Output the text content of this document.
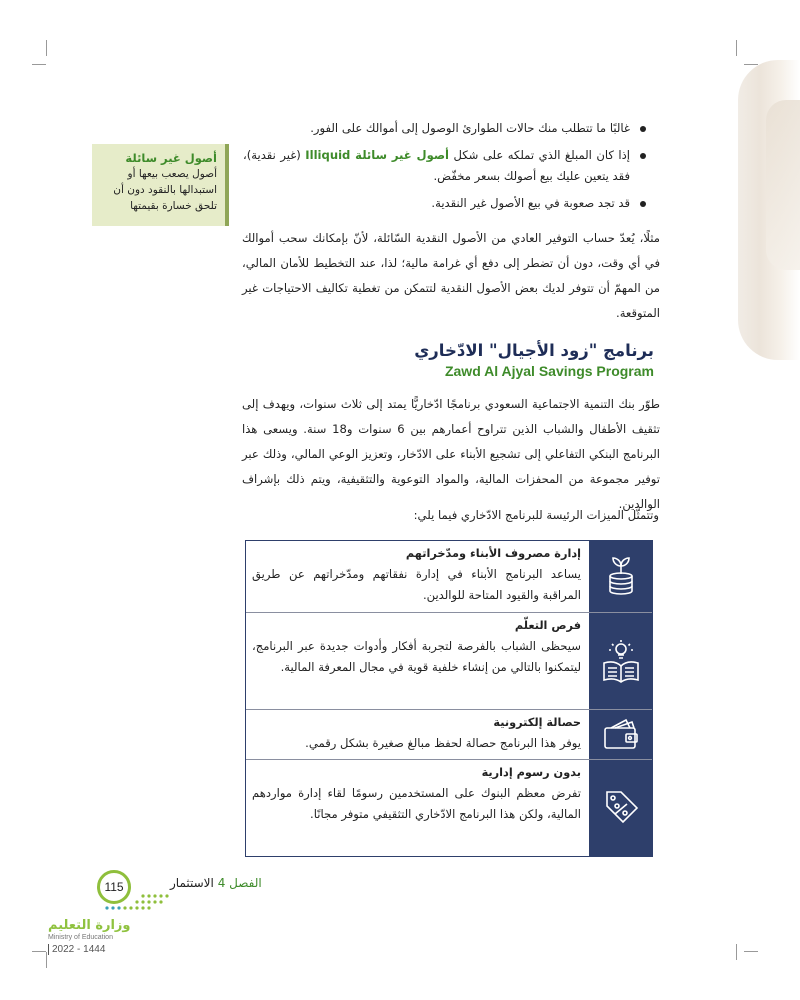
غالبًا ما تتطلب منك حالات الطوارئ الوصول إلى أموالك على الفور.
إذا كان المبلغ الذي تملكه على شكل أصول غير سائلة Illiquid (غير نقدية)، فقد يتعين عليك بيع أصولك بسعر مخفّض.
قد تجد صعوبة في بيع الأصول غير النقدية.
أصول غير سائلة
أصول يصعب بيعها أو استبدالها بالنقود دون أن تلحق خسارة بقيمتها

مثلًا، يُعدّ حساب التوفير العادي من الأصول النقدية السّائلة، لأنّ بإمكانك سحب أموالك في أي وقت، دون أن تضطر إلى دفع أي غرامة مالية؛ لذا، عند التخطيط للأمان المالي، من المهمّ أن تتوفر لديك بعض الأصول النقدية لتتمكن من تغطية تكاليف الاحتياجات غير المتوقعة.

برنامج "زود الأجيال" الادّخاري
Zawd Al Ajyal Savings Program

طوّر بنك التنمية الاجتماعية السعودي برنامجًا ادّخاريًّا يمتد إلى ثلاث سنوات، ويهدف إلى تثقيف الأطفال والشباب الذين تتراوح أعمارهم بين 6 سنوات و18 سنة. ويسعى هذا البرنامج البنكي التفاعلي إلى تشجيع الأبناء على الادّخار، وتعزيز الوعي المالي، وذلك عبر توفير مجموعة من المحفزات المالية، والمواد التوعوية والتثقيفية، ويتم ذلك بإشراف الوالدين.

وتتمثّل الميزات الرئيسة للبرنامج الادّخاري فيما يلي:

إدارة مصروف الأبناء ومدّخراتهم
يساعد البرنامج الأبناء في إدارة نفقاتهم ومدّخراتهم عن طريق المراقبة والقيود المتاحة للوالدين.
فرص التعلّم
سيحظى الشباب بالفرصة لتجربة أفكار وأدوات جديدة عبر البرنامج، ليتمكنوا بالتالي من إنشاء خلفية قوية في مجال المعرفة المالية.
حصالة إلكترونية
يوفر هذا البرنامج حصالة لحفظ مبالغ صغيرة بشكل رقمي.
بدون رسوم إدارية
تفرض معظم البنوك على المستخدمين رسومًا لقاء إدارة مواردهم المالية، ولكن هذا البرنامج الادّخاري التثقيفي متوفر مجانًا.
الفصل 4 الاستثمار
115
وزارة التعليم
Ministry of Education
2022 - 1444
